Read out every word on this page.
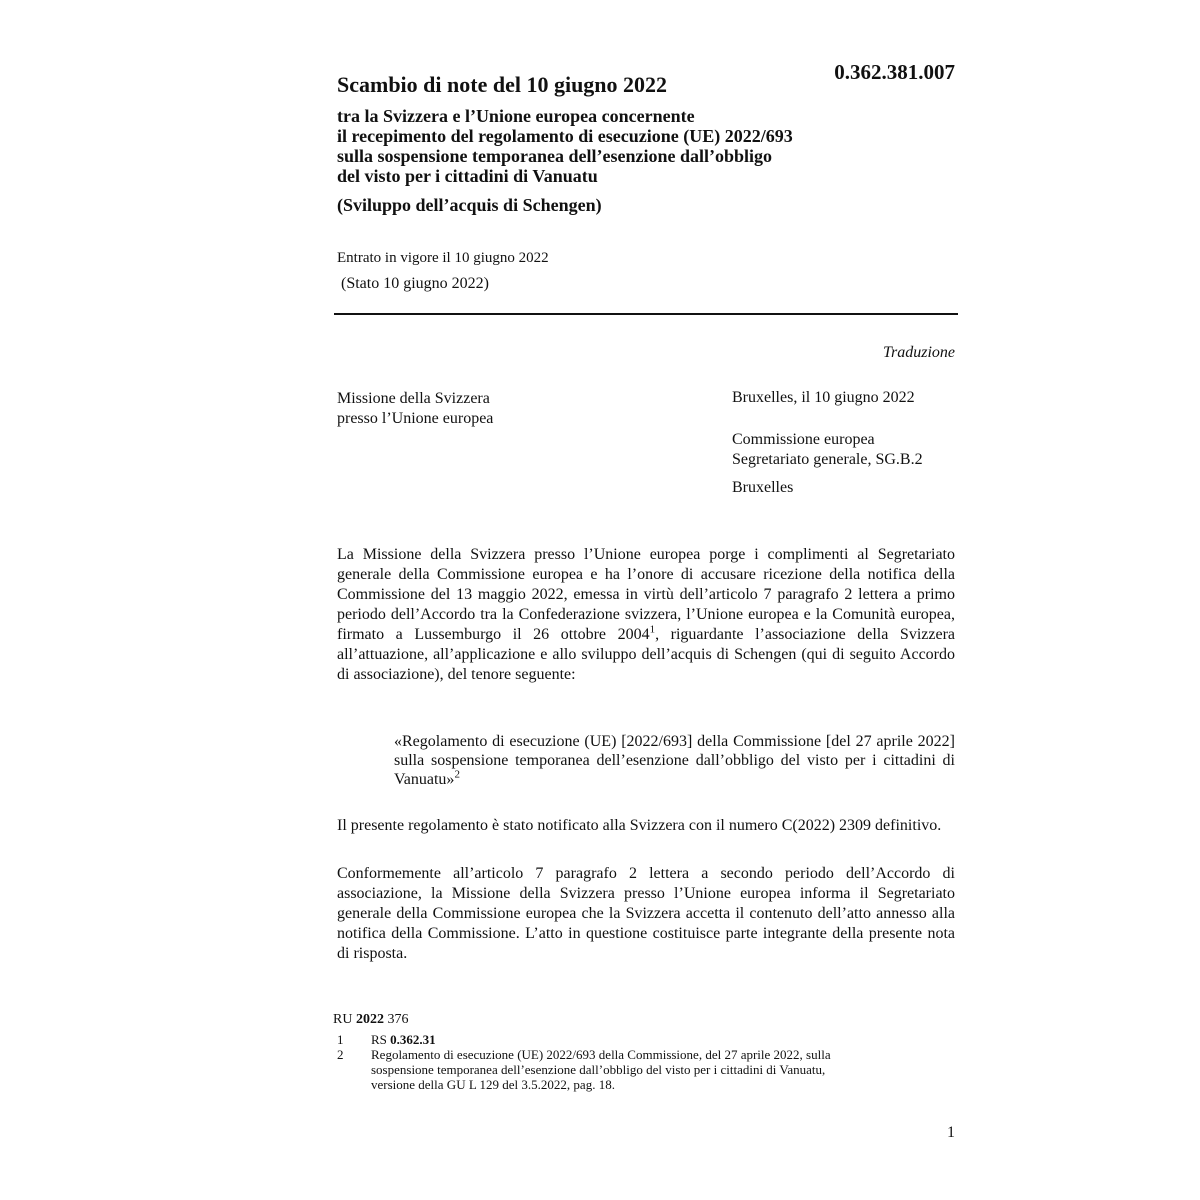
0.362.381.007
Scambio di note del 10 giugno 2022
tra la Svizzera e l’Unione europea concernente
il recepimento del regolamento di esecuzione (UE) 2022/693
sulla sospensione temporanea dell’esenzione dall’obbligo
del visto per i cittadini di Vanuatu
(Sviluppo dell’acquis di Schengen)
Entrato in vigore il 10 giugno 2022
(Stato 10 giugno 2022)
Traduzione
Missione della Svizzera
presso l’Unione europea
Bruxelles, il 10 giugno 2022
Commissione europea
Segretariato generale, SG.B.2
Bruxelles
La Missione della Svizzera presso l’Unione europea porge i complimenti al Segretariato generale della Commissione europea e ha l’onore di accusare ricezione della notifica della Commissione del 13 maggio 2022, emessa in virtù dell’articolo 7 paragrafo 2 lettera a primo periodo dell’Accordo tra la Confederazione svizzera, l’Unione europea e la Comunità europea, firmato a Lussemburgo il 26 ottobre 2004$^1$, riguardante l’associazione della Svizzera all’attuazione, all’applicazione e allo sviluppo dell’acquis di Schengen (qui di seguito Accordo di associazione), del tenore seguente:
«Regolamento di esecuzione (UE) [2022/693] della Commissione [del 27 aprile 2022] sulla sospensione temporanea dell’esenzione dall’obbligo del visto per i cittadini di Vanuatu»$^2$
Il presente regolamento è stato notificato alla Svizzera con il numero C(2022) 2309 definitivo.
Conformemente all’articolo 7 paragrafo 2 lettera a secondo periodo dell’Accordo di associazione, la Missione della Svizzera presso l’Unione europea informa il Segretariato generale della Commissione europea che la Svizzera accetta il contenuto dell’atto annesso alla notifica della Commissione. L’atto in questione costituisce parte integrante della presente nota di risposta.
RU 2022 376
1	RS 0.362.31
2	Regolamento di esecuzione (UE) 2022/693 della Commissione, del 27 aprile 2022, sulla
sospensione temporanea dell’esenzione dall’obbligo del visto per i cittadini di Vanuatu,
versione della GU L 129 del 3.5.2022, pag. 18.
1
